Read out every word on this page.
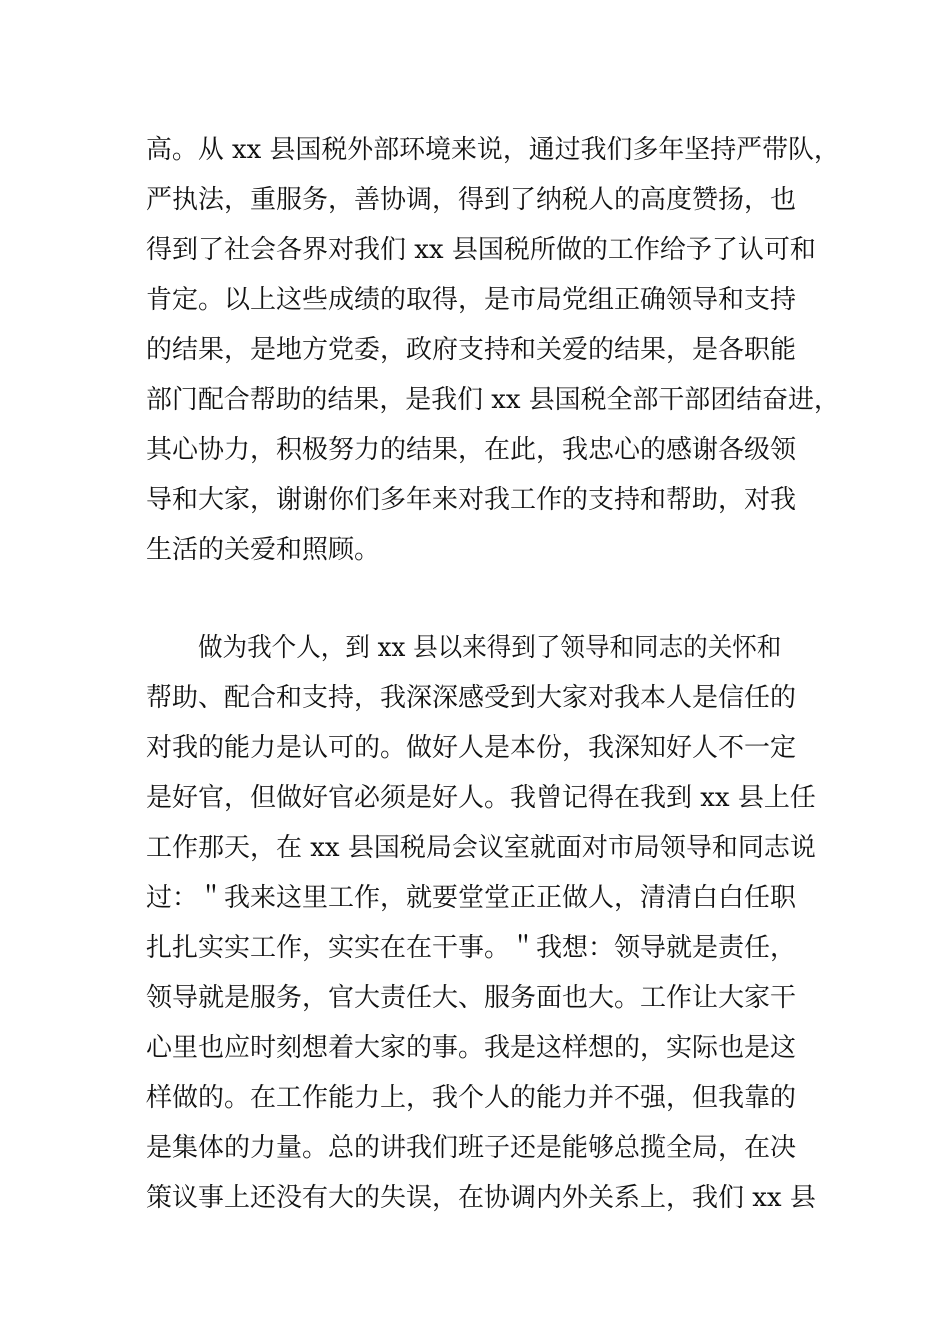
高。从 xx 县国税外部环境来说，通过我们多年坚持严带队，
严执法，重服务，善协调，得到了纳税人的高度赞扬，也
得到了社会各界对我们 xx 县国税所做的工作给予了认可和
肯定。以上这些成绩的取得，是市局党组正确领导和支持
的结果，是地方党委，政府支持和关爱的结果，是各职能
部门配合帮助的结果，是我们 xx 县国税全部干部团结奋进，
其心协力，积极努力的结果，在此，我忠心的感谢各级领
导和大家，谢谢你们多年来对我工作的支持和帮助，对我
生活的关爱和照顾。
做为我个人，到 xx 县以来得到了领导和同志的关怀和
帮助、配合和支持，我深深感受到大家对我本人是信任的
对我的能力是认可的。做好人是本份，我深知好人不一定
是好官，但做好官必须是好人。我曾记得在我到 xx 县上任
工作那天，在 xx 县国税局会议室就面对市局领导和同志说
过：＂我来这里工作，就要堂堂正正做人，清清白白任职
扎扎实实工作，实实在在干事。＂我想：领导就是责任，
领导就是服务，官大责任大、服务面也大。工作让大家干
心里也应时刻想着大家的事。我是这样想的，实际也是这
样做的。在工作能力上，我个人的能力并不强，但我靠的
是集体的力量。总的讲我们班子还是能够总揽全局，在决
策议事上还没有大的失误，在协调内外关系上，我们 xx 县
